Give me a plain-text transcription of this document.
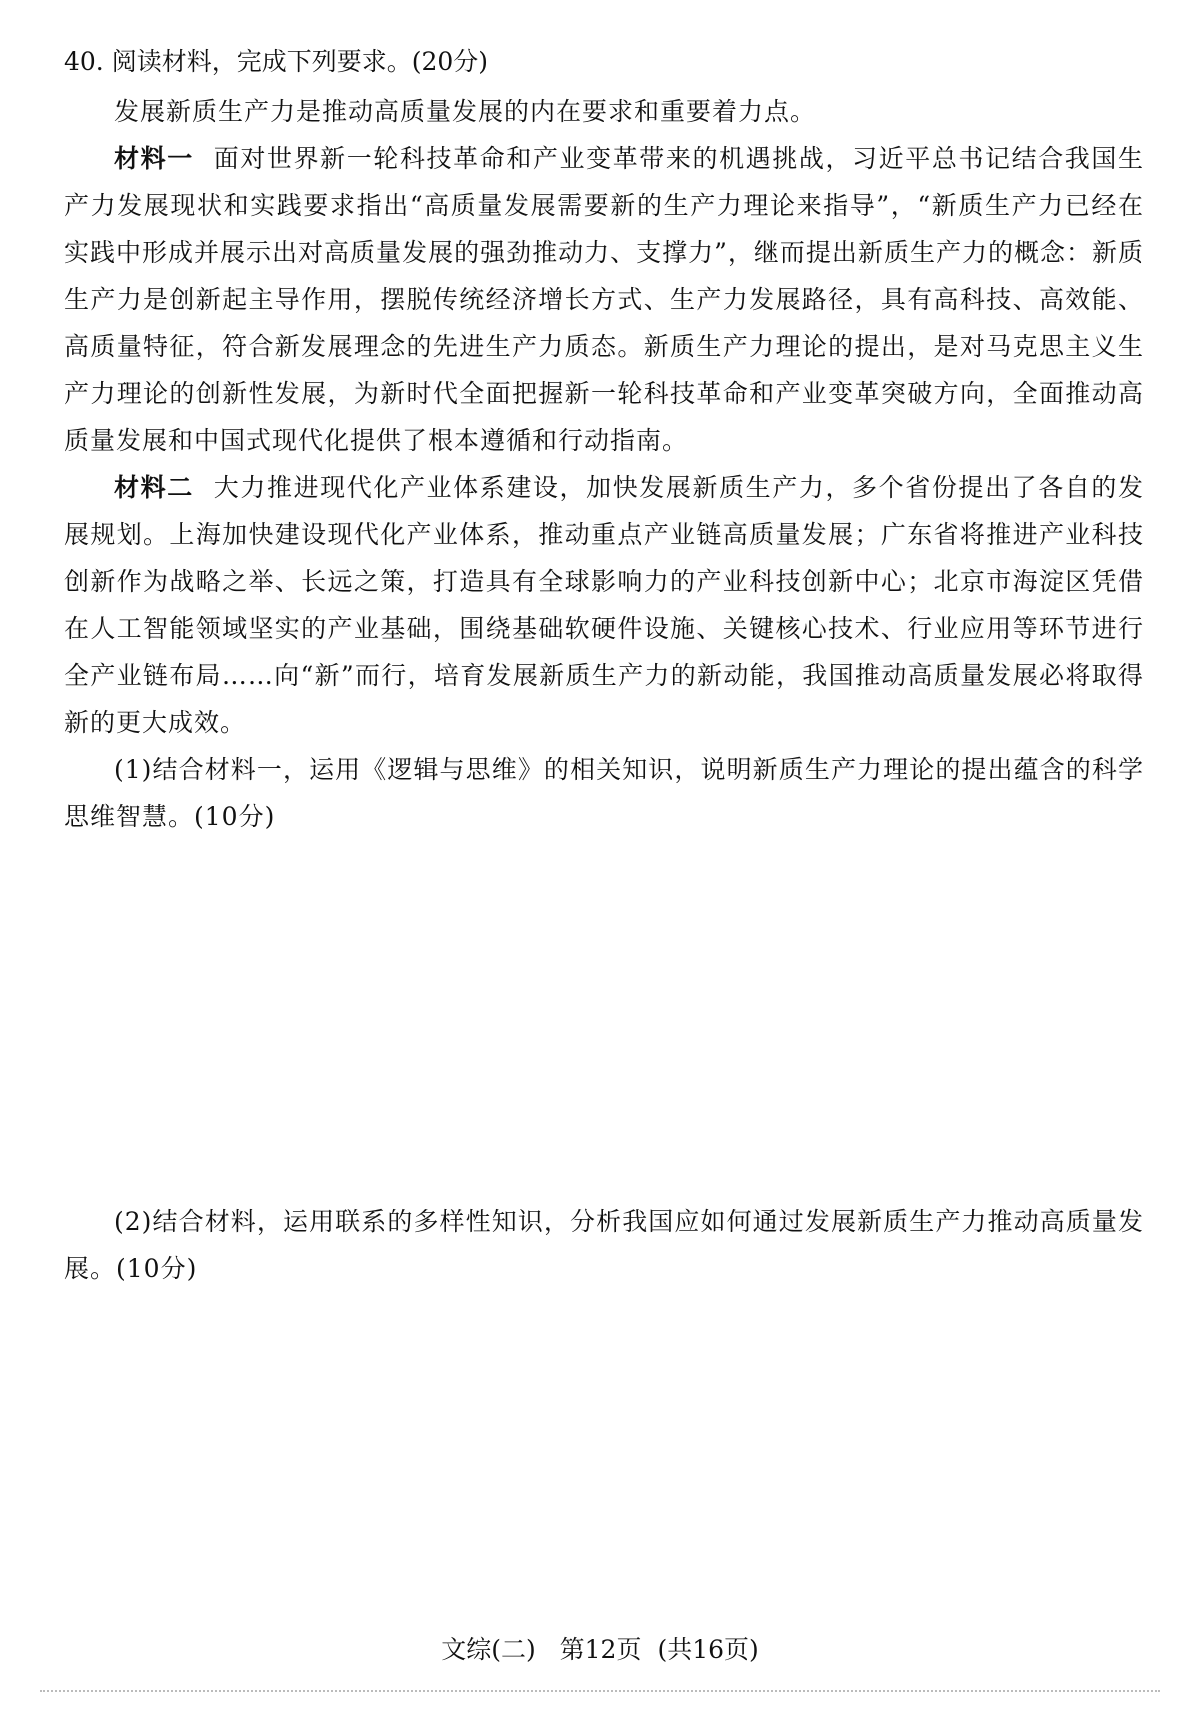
40. 阅读材料，完成下列要求。(20分)

发展新质生产力是推动高质量发展的内在要求和重要着力点。

材料一 面对世界新一轮科技革命和产业变革带来的机遇挑战，习近平总书记结合我国生产力发展现状和实践要求指出“高质量发展需要新的生产力理论来指导”，“新质生产力已经在实践中形成并展示出对高质量发展的强劲推动力、支撑力”，继而提出新质生产力的概念：新质生产力是创新起主导作用，摆脱传统经济增长方式、生产力发展路径，具有高科技、高效能、高质量特征，符合新发展理念的先进生产力质态。新质生产力理论的提出，是对马克思主义生产力理论的创新性发展，为新时代全面把握新一轮科技革命和产业变革突破方向，全面推动高质量发展和中国式现代化提供了根本遵循和行动指南。

材料二 大力推进现代化产业体系建设，加快发展新质生产力，多个省份提出了各自的发展规划。上海加快建设现代化产业体系，推动重点产业链高质量发展；广东省将推进产业科技创新作为战略之举、长远之策，打造具有全球影响力的产业科技创新中心；北京市海淀区凭借在人工智能领域坚实的产业基础，围绕基础软硬件设施、关键核心技术、行业应用等环节进行全产业链布局……向“新”而行，培育发展新质生产力的新动能，我国推动高质量发展必将取得新的更大成效。

(1)结合材料一，运用《逻辑与思维》的相关知识，说明新质生产力理论的提出蕴含的科学思维智慧。(10分)

(2)结合材料，运用联系的多样性知识，分析我国应如何通过发展新质生产力推动高质量发展。(10分)

文综(二) 第12页 (共16页)
